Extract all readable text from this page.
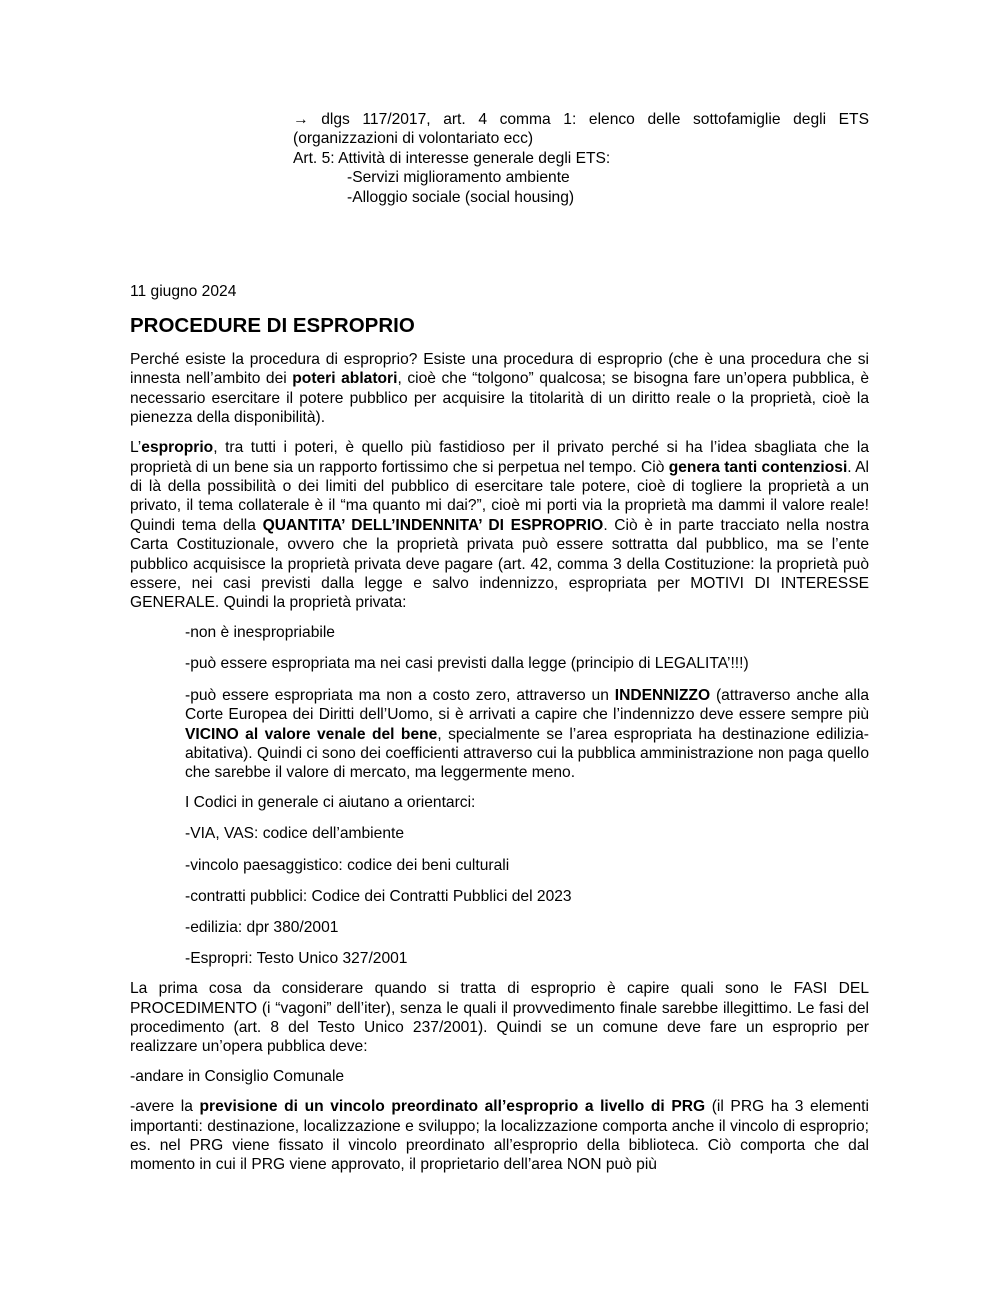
→ dlgs 117/2017, art. 4 comma 1: elenco delle sottofamiglie degli ETS (organizzazioni di volontariato ecc)

Art. 5: Attività di interesse generale degli ETS:

-Servizi miglioramento ambiente

-Alloggio sociale (social housing)

11 giugno 2024

PROCEDURE DI ESPROPRIO

Perché esiste la procedura di esproprio? Esiste una procedura di esproprio (che è una procedura che si innesta nell’ambito dei poteri ablatori, cioè che “tolgono” qualcosa; se bisogna fare un’opera pubblica, è necessario esercitare il potere pubblico per acquisire la titolarità di un diritto reale o la proprietà, cioè la pienezza della disponibilità).

L’esproprio, tra tutti i poteri, è quello più fastidioso per il privato perché si ha l’idea sbagliata che la proprietà di un bene sia un rapporto fortissimo che si perpetua nel tempo. Ciò genera tanti contenziosi. Al di là della possibilità o dei limiti del pubblico di esercitare tale potere, cioè di togliere la proprietà a un privato, il tema collaterale è il “ma quanto mi dai?”, cioè mi porti via la proprietà ma dammi il valore reale! Quindi tema della QUANTITA’ DELL’INDENNITA’ DI ESPROPRIO. Ciò è in parte tracciato nella nostra Carta Costituzionale, ovvero che la proprietà privata può essere sottratta dal pubblico, ma se l’ente pubblico acquisisce la proprietà privata deve pagare (art. 42, comma 3 della Costituzione: la proprietà può essere, nei casi previsti dalla legge e salvo indennizzo, espropriata per MOTIVI DI INTERESSE GENERALE. Quindi la proprietà privata:

-non è inespropriabile

-può essere espropriata ma nei casi previsti dalla legge (principio di LEGALITA’!!!)

-può essere espropriata ma non a costo zero, attraverso un INDENNIZZO (attraverso anche alla Corte Europea dei Diritti dell’Uomo, si è arrivati a capire che l’indennizzo deve essere sempre più VICINO al valore venale del bene, specialmente se l’area espropriata ha destinazione edilizia-abitativa). Quindi ci sono dei coefficienti attraverso cui la pubblica amministrazione non paga quello che sarebbe il valore di mercato, ma leggermente meno.

I Codici in generale ci aiutano a orientarci:

-VIA, VAS: codice dell’ambiente

-vincolo paesaggistico: codice dei beni culturali

-contratti pubblici: Codice dei Contratti Pubblici del 2023

-edilizia: dpr 380/2001

-Espropri: Testo Unico 327/2001

La prima cosa da considerare quando si tratta di esproprio è capire quali sono le FASI DEL PROCEDIMENTO (i “vagoni” dell’iter), senza le quali il provvedimento finale sarebbe illegittimo. Le fasi del procedimento (art. 8 del Testo Unico 237/2001). Quindi se un comune deve fare un esproprio per realizzare un’opera pubblica deve:

-andare in Consiglio Comunale

-avere la previsione di un vincolo preordinato all’esproprio a livello di PRG (il PRG ha 3 elementi importanti: destinazione, localizzazione e sviluppo; la localizzazione comporta anche il vincolo di esproprio; es. nel PRG viene fissato il vincolo preordinato all’esproprio della biblioteca. Ciò comporta che dal momento in cui il PRG viene approvato, il proprietario dell’area NON può più
